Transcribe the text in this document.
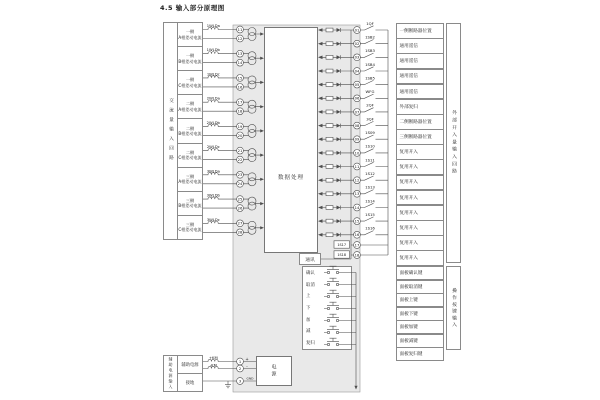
4.5 输入部分原理图
交流量输入回路
一侧
A相差动电流
一侧
B相差动电流
一侧
C相差动电流
二侧
A相差动电流
二侧
B相差动电流
二侧
C相差动电流
三侧
A相差动电流
三侧
B相差动电流
三侧
C相差动电流
数据处理
通讯
确认
取消
上
下
加
减
复归
一侧断路器位置
通用遥信
通用遥信
通用遥信
通用遥信
外部复归
二侧断路器位置
三侧断路器位置
复用开入
复用开入
复用开入
复用开入
复用开入
复用开入
复用开入
复用开入
面板确认键
面板取消键
面板上键
面板下键
面板加键
面板减键
面板复归键
外部开入量输入回路
操作按键输入
辅助电源输入	辅助电源
接地
电源
11
12
13
14
15
16
17
18
19
20
21
22
23
24
25
26
27
28
1WLDa
1WLDb
1WLDc
2WLDa
2WLDb
2WLDc
3WLDa
3WLDb
3WLDc
01
02
03
04
05
06
07
08
09
10
11
12
13
14
15
16
17
18
1QF
1SB2
1SB3
1SB4
1SB5
WFG
2QF
3QF
1S09
1S10
1S11
1S12
1S13
1S14
1S15
1S16
1S17
1S18
1
2
3
+KM
-KM
+
-
GND
